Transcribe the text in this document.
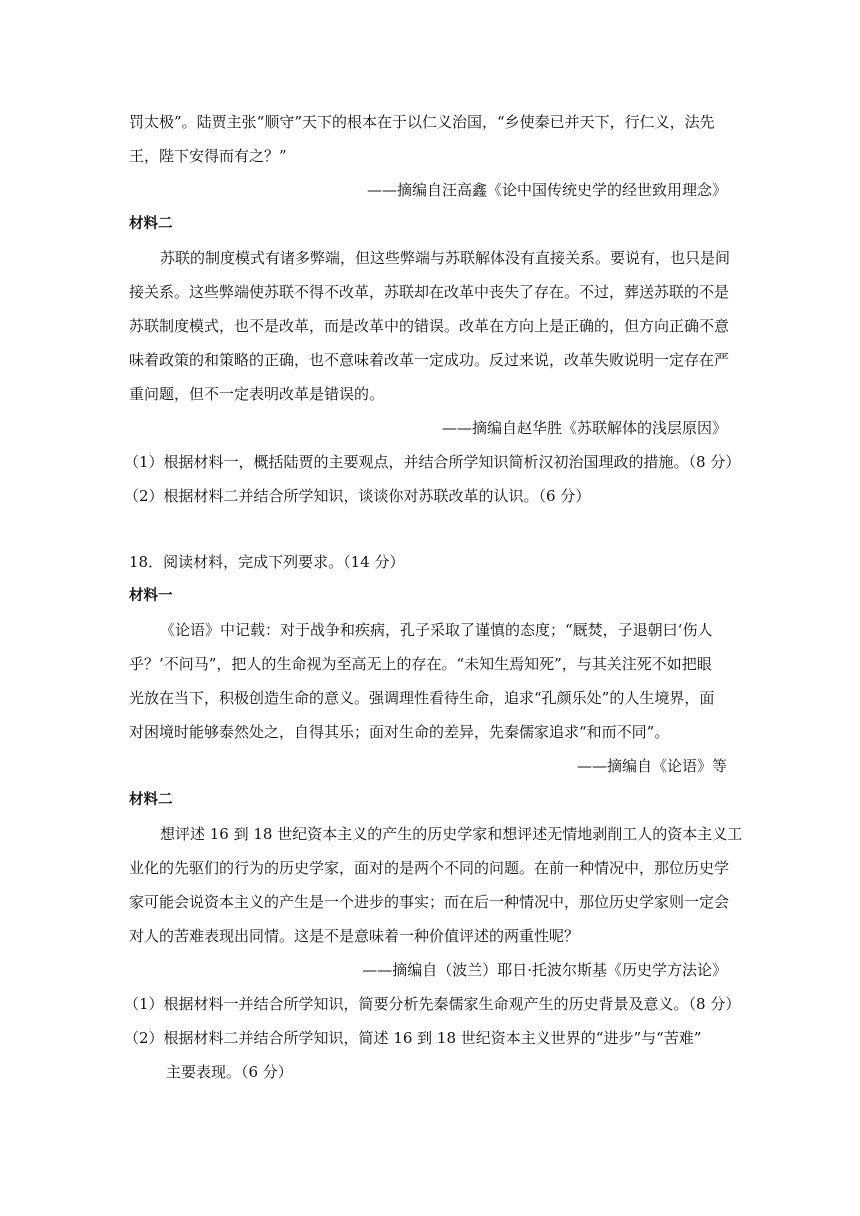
罚太极”。陆贾主张“顺守”天下的根本在于以仁义治国，“乡使秦已并天下，行仁义，法先
王，陛下安得而有之？”
——摘编自汪高鑫《论中国传统史学的经世致用理念》
材料二
苏联的制度模式有诸多弊端，但这些弊端与苏联解体没有直接关系。要说有，也只是间
接关系。这些弊端使苏联不得不改革，苏联却在改革中丧失了存在。不过，葬送苏联的不是
苏联制度模式，也不是改革，而是改革中的错误。改革在方向上是正确的，但方向正确不意
味着政策的和策略的正确，也不意味着改革一定成功。反过来说，改革失败说明一定存在严
重问题，但不一定表明改革是错误的。
——摘编自赵华胜《苏联解体的浅层原因》
（1）根据材料一，概括陆贾的主要观点，并结合所学知识简析汉初治国理政的措施。（8 分）
（2）根据材料二并结合所学知识，谈谈你对苏联改革的认识。（6 分）
18．阅读材料，完成下列要求。（14 分）
材料一
《论语》中记载：对于战争和疾病，孔子采取了谨慎的态度；“厩焚，子退朝曰‘伤人
乎？’不问马”，把人的生命视为至高无上的存在。“未知生焉知死”，与其关注死不如把眼
光放在当下，积极创造生命的意义。强调理性看待生命，追求“孔颜乐处”的人生境界，面
对困境时能够泰然处之，自得其乐；面对生命的差异，先秦儒家追求“和而不同”。
——摘编自《论语》等
材料二
想评述 16 到 18 世纪资本主义的产生的历史学家和想评述无情地剥削工人的资本主义工
业化的先驱们的行为的历史学家，面对的是两个不同的问题。在前一种情况中，那位历史学
家可能会说资本主义的产生是一个进步的事实；而在后一种情况中，那位历史学家则一定会
对人的苦难表现出同情。这是不是意味着一种价值评述的两重性呢？
——摘编自（波兰）耶日·托波尔斯基《历史学方法论》
（1）根据材料一并结合所学知识，简要分析先秦儒家生命观产生的历史背景及意义。（8 分）
（2）根据材料二并结合所学知识，简述 16 到 18 世纪资本主义世界的“进步”与“苦难”
主要表现。（6 分）
